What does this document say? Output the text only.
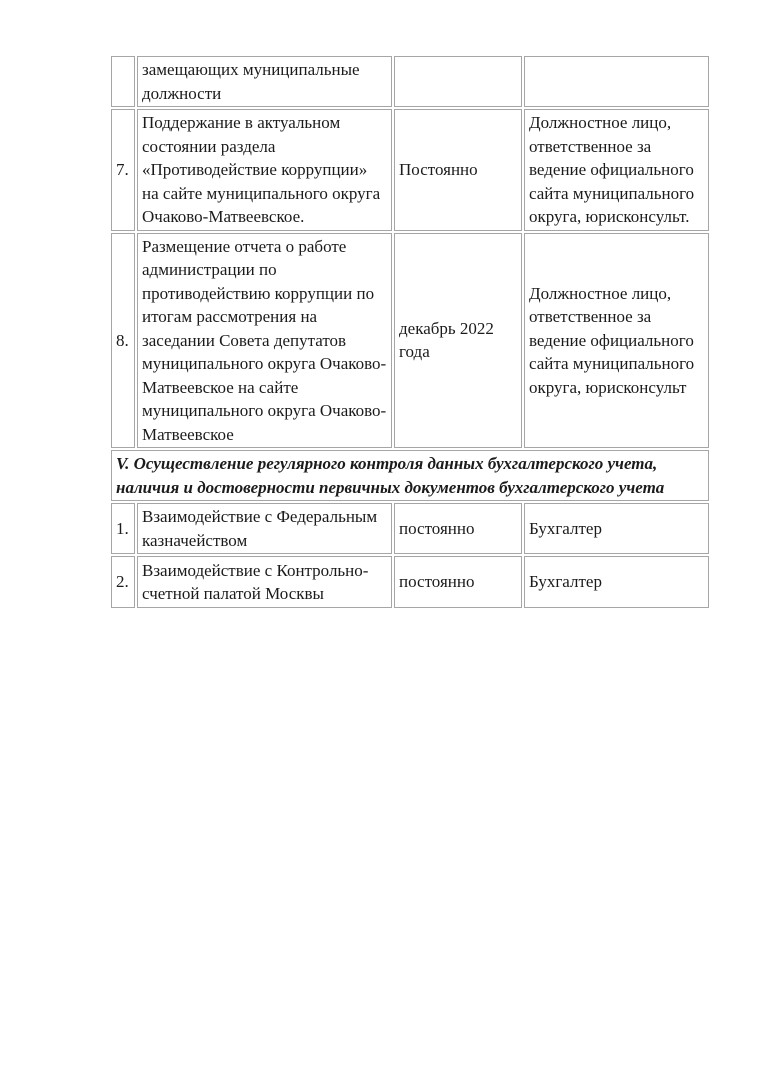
	замещающих муниципальные должности		
7.	Поддержание в актуальном состоянии раздела «Противодействие коррупции» на сайте муниципального округа Очаково-Матвеевское.	Постоянно	Должностное лицо, ответственное за ведение официального сайта муниципального округа, юрисконсульт.
8.	Размещение отчета о работе администрации по противодействию коррупции по итогам рассмотрения на заседании Совета депутатов муниципального округа Очаково-Матвеевское на сайте муниципального округа Очаково-Матвеевское	декабрь 2022 года	Должностное лицо, ответственное за ведение официального сайта муниципального округа, юрисконсульт
V. Осуществление регулярного контроля данных бухгалтерского учета, наличия и достоверности первичных документов бухгалтерского учета			
1.	Взаимодействие с Федеральным казначейством	постоянно	Бухгалтер
2.	Взаимодействие с Контрольно-счетной палатой Москвы	постоянно	Бухгалтер
